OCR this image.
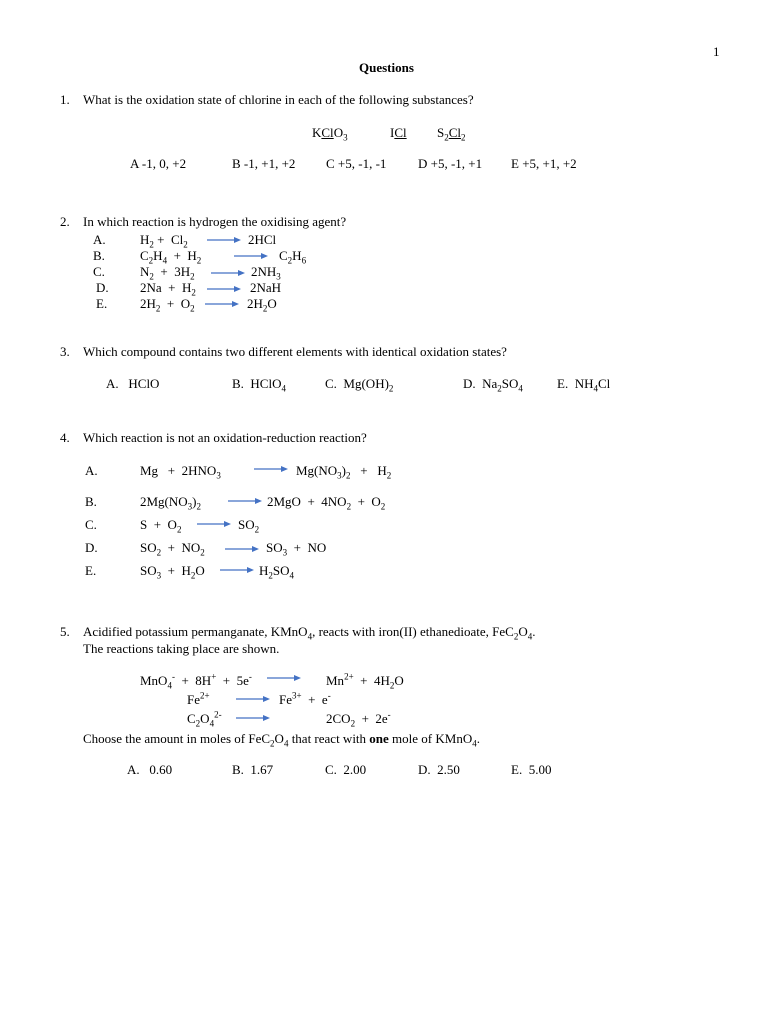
1
Questions
1. What is the oxidation state of chlorine in each of the following substances?
KClO$_3$	ICl $S_2Cl_2$
A -1, 0, +2	B -1, +1, +2 C +5, -1, -1 D +5, -1, +1 E +5, +1, +2
2. In which reaction is hydrogen the oxidising agent?
A.	$H_2 + Cl_2$	2HCl
B.	$C_2H_4 + H_2$	$C_2H_6$
C.	$N_2 + 3H_2$	$2NH_3$
D. $2Na + H_2$	2NaH
E.	$2H_2 + O_2$	$2H_2O$
3. Which compound contains two different elements with identical oxidation states?
A. HClO	B.  HClO$_4$	C.  $Mg(OH)_2$	D.  $Na_2SO_4$	E.  $NH_4Cl$
4. Which reaction is not an oxidation-reduction reaction?
A.	$Mg + 2HNO_3$	$Mg(NO_3)_2 + H_2$
B.	$2Mg(NO_3)_2$	$2MgO + 4NO_2 + O_2$
C.	$S + O_2$	$SO_2$
D.	$SO_2 + NO_2$	$SO_3$  +  NO
E.	$SO_3 + H_2O$	$H_2SO_4$
5. Acidified potassium permanganate, KMnO$_4$, reacts with iron(II) ethanedioate, $FeC_2O_4$.
The reactions taking place are shown.
MnO$_4$-  +  8H+  +  5e-	$Mn^{2+} + 4H_2O$
$Fe^{2+}$	$Fe^{3+} + e^-$
$C_2O_4^{2-}$	$2CO_2 + 2e^-$
Choose the amount in moles of $FeC_2O_4$ that react with one mole of KMnO$_4$.
A. 0.60	B. 1.67	C. 2.00	D. 2.50	E. 5.00
